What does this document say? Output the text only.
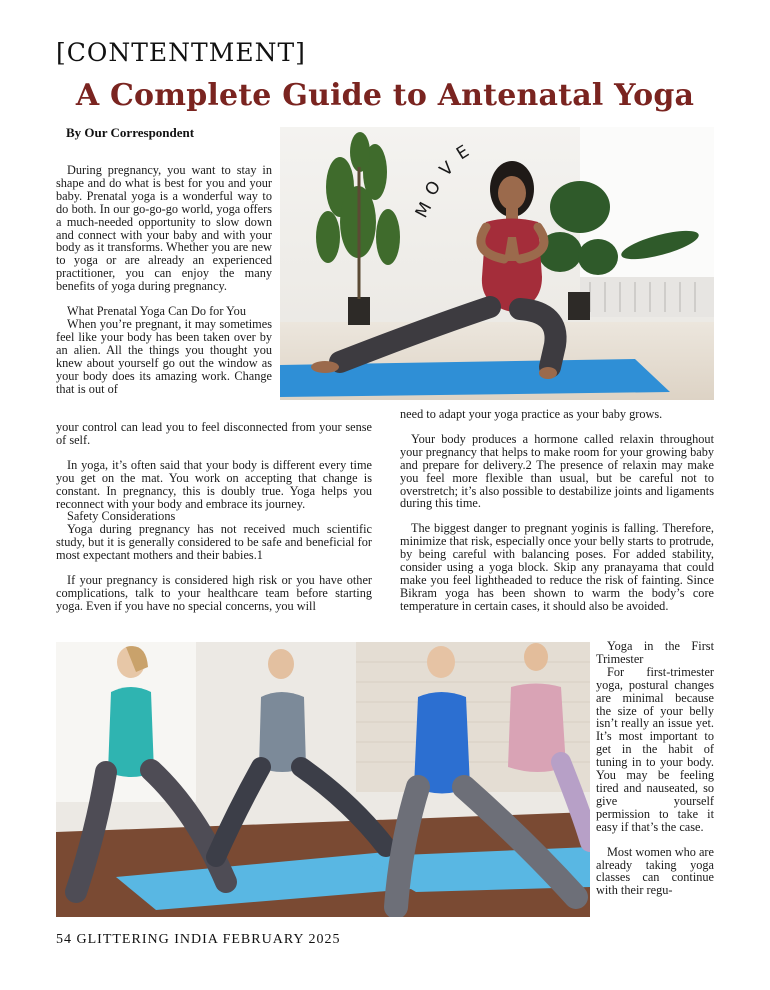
[CONTENTMENT]
A Complete Guide to Antenatal Yoga
By Our Correspondent
M
O
V
E

During pregnancy, you want to stay in shape and do what is best for you and your baby. Prenatal yoga is a wonderful way to do both. In our go-go-go world, yoga offers a much-needed opportunity to slow down and connect with your baby and with your body as it transforms. Whether you are new to yoga or are already an experienced practitioner, you can enjoy the many benefits of yoga during pregnancy.

What Prenatal Yoga Can Do for You

When you’re pregnant, it may sometimes feel like your body has been taken over by an alien. All the things you thought you knew about yourself go out the window as your body does its amazing work. Change that is out of

your control can lead you to feel disconnected from your sense of self.

In yoga, it’s often said that your body is different every time you get on the mat. You work on accepting that change is constant. In pregnancy, this is doubly true. Yoga helps you reconnect with your body and embrace its journey.

Safety Considerations

Yoga during pregnancy has not received much scientific study, but it is generally considered to be safe and beneficial for most expectant mothers and their babies.1

If your pregnancy is considered high risk or you have other complications, talk to your healthcare team before starting yoga. Even if you have no special concerns, you will

need to adapt your yoga practice as your baby grows.

Your body produces a hormone called relaxin throughout your pregnancy that helps to make room for your growing baby and prepare for delivery.2 The presence of relaxin may make you feel more flexible than usual, but be careful not to overstretch; it’s also possible to destabilize joints and ligaments during this time.

The biggest danger to pregnant yoginis is falling. Therefore, minimize that risk, especially once your belly starts to protrude, by being careful with balancing poses. For added stability, consider using a yoga block. Skip any pranayama that could make you feel lightheaded to reduce the risk of fainting. Since Bikram yoga has been shown to warm the body’s core temperature in certain cases, it should also be avoided.

Yoga in the First Trimester

For first-trimester yoga, postural changes are minimal because the size of your belly isn’t really an issue yet. It’s most important to get in the habit of tuning in to your body. You may be feeling tired and nauseated, so give yourself permission to take it easy if that’s the case.

Most women who are already taking yoga classes can continue with their regu-

54 GLITTERING INDIA FEBRUARY 2025
